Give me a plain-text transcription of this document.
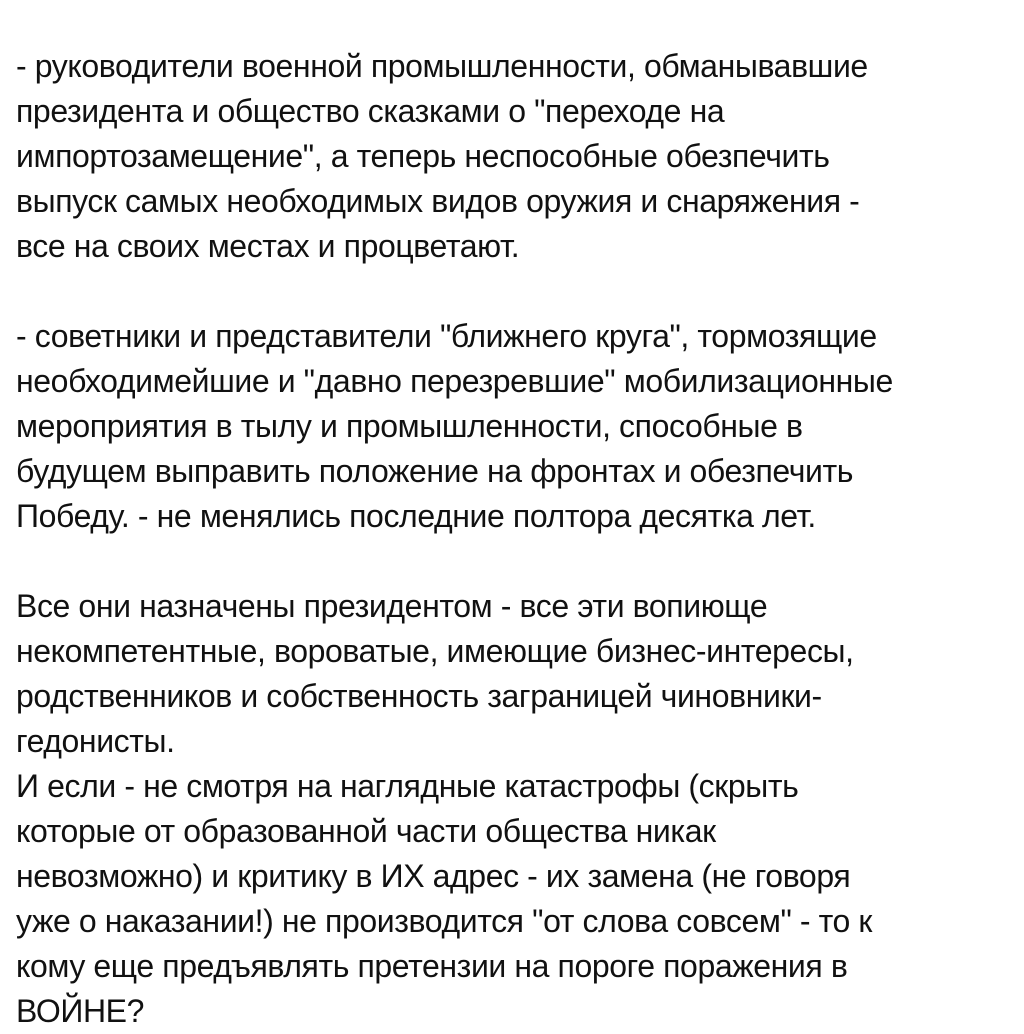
- руководители военной промышленности, обманывавшие
президента и общество сказками о "переходе на
импортозамещение", а теперь неспособные обезпечить
выпуск самых необходимых видов оружия и снаряжения -
все на своих местах и процветают.
- советники и представители "ближнего круга", тормозящие
необходимейшие и "давно перезревшие" мобилизационные
мероприятия в тылу и промышленности, способные в
будущем выправить положение на фронтах и обезпечить
Победу. - не менялись последние полтора десятка лет.
Все они назначены президентом - все эти вопиюще
некомпетентные, вороватые, имеющие бизнес-интересы,
родственников и собственность заграницей чиновники-
гедонисты.
И если - не смотря на наглядные катастрофы (скрыть
которые от образованной части общества никак
невозможно) и критику в ИХ адрес - их замена (не говоря
уже о наказании!) не производится "от слова совсем" - то к
кому еще предъявлять претензии на пороге поражения в
ВОЙНЕ?
